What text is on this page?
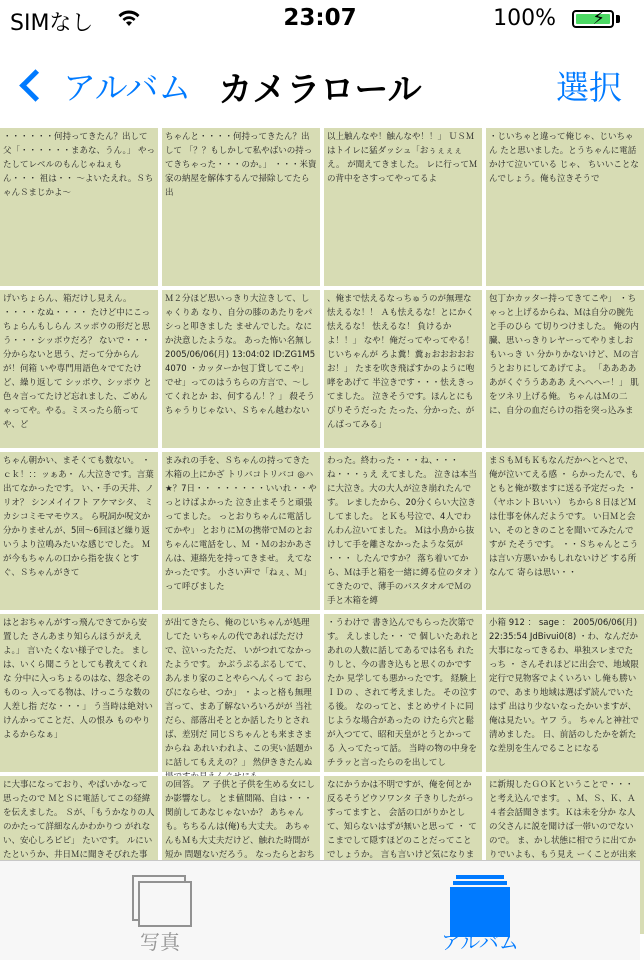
SIMなし	23:07	100% ⚡
アルバム カメラロール	選択
・・・・・・何持ってきたん？出して 父「・・・・・・まあな、うん。」 やったしてレベルのもんじゃねぇもん・・・ 祖は・・ 〜よいたえれ。ＳちゃんＳまじかよ〜
ちゃんと・・・・何持ってきたん？出して 「？？もしかして私やばいの持ってきちゃった・・・のか。」 ・・・米資家の納屋を解体するんで掃除してたら出
以上触んなや！触んなや！！」 ＵＳＭはトイレに猛ダッシュ「おぅぇぇぇえ。 が聞えてきました。 レに行ってＭの背中をさすってやってるよ
・じいちゃと違って俺じゃ、じいちゃん たと思いました。とうちゃんに電話かけて泣いている じゃ、 ちいいことなんでしょう。俺も泣きそうで
げいちょらん、箱だけし見えん。 ・・・・なぬ・・・・ たけど中にこっちょらんもしらん スッポウの形だと思う・・・シッポウだろ？ ないで・・・ 分からないと思う、だって分からんが！何箱 いや専門用語色々でてたけど、繰り返して シッポウ、シッポウ と色々言ってたけど忘れました、ごめん ゃってや。やる。ミスったら筋ってや、ど
Ｍ２分ほど思いっきり大泣きして、しゃくりあ なり、自分の膝のあたりをパシっと叩きました ませんでした。なにか決意したような。 あった怖い名無し 2005/06/06(月) 13:04:02 ID:ZG1M54070 ・カッターか包丁貸してこや」 でせ」ってのはうちらの方言で、〜してくれとか お、何するん！？」 殺そうちゃうりじゃない、Ｓちゃん越わない
、俺まで怯えるなっちゅうのが無理な 怯えるな！！ Ａも怯えるな！とにかく怯えるな！ 怯えるな！ 負けるかよ！！」 なや！俺だってやってやる！じいちゃんが ろよ糞！糞ぉおおおおおお！」 たまを吹き飛ばすかのように咆哮をあげて 半泣きです・・・怯えきってました。 泣きそうです。ほんとにもびりそうだった たった、分かった、がんばってみる」
包丁かカッター持ってきてこや」 ・ちゃっと上げるからね、Ｍは自分の腕先と手のひら て切りつけました。 俺の内臓、思いっきりレヤーってやりましおもいっき い 分かりかないけど、Ｍの言うとおりにしてあげてよ。 「あああああがくぐううあああ えへへへー！」 肌をツネリ上げる俺。 ちゃんはＭの二に、自分の血だらけの指を突っ込みま
ちゃん朝かい、まそくても数ない。 ・ｃｋ！：：ッぁあ・ ん大泣きです。言葉出てなかったです。 い、・手の天井、ノリオ？ シンメイイフト アケマシタ、 ミカシコミモマモウス。 ら呪詞か呪文か分かりませんが、5回〜6回ほど繰り返 いうより泣鳴みたいな感じでした。 Ｍが今もちゃんの口から指を抜くとすぐ、Ｓちゃんがきて
まみれの手を、Ｓちゃんの持ってきた木箱の上にかざ トリバコトリバコ ◎ハ★？7日・・ ・・・・・・いいれ・・やっとけばよかった 泣き止まそうと頑張ってました。 っとおりちゃんに電話してかや」 とおりにＭの携帯でＭのとおちゃんに電話をし、Ｍ ・Ｍのおかあさんは、連絡先を持ってきませ。 えてなかったです。 小さい声で「ねぇ、Ｍ」って呼びました
わった。終わった・・・ね、・・・ね・・・ぅえ えてました。 泣きは本当に大泣き。大の大人が泣き崩れたんです。 レましたから、20分くらい大泣きしてました。 とＫも号泣で、4人でわんわん泣いてました。 Ｍは小鳥から抜けして手を離さなかったような気が ・・・ したんですか？ 落ち着いてから、Ｍは手と箱を一緒に縛る位のタオ ）てきたので、薄手のバスタオルでＭの手と木箱を縛
まＳもＭもＫもなんだかヘとへとで、俺が泣いてえる感 ・ らかったんで、もともと俺が数ますに送る予定だった ・（ヤホントＢいい） ちから８日ほどＭは仕事を休んだようです。 い日Ｍと会い、そのときのことを聞いてみたんですが たそうです。 ・・Ｓちゃんとこうは言い方悪いかもしれないけど する所なんて 寄らは思い・・
はとおちゃんがすっ飛んできてから安置した さんあまり知らんほうがええよ。」 言いたくない様子でした。 ましは、いくら聞こうとしても教えてくれな 分中に入っちょるのはな、怨念そのものっ 入ってる物は、けっこうな数の人差し指 だな・・・」 う当時は絶対いけんかってことだ、人の恨み ものやりよるからなぁ」
が出てきたら、俺のじいちゃんが処理してた いちゃんの代であればただけで、泣いったただ、 いがつれてなかったようです。 かぶうぶるぶるしてて、あんまり家のことやらへんくって おらびにならせ、つか」 ・よっと格も無理言って、まあ了解ないろいろがが 当社だら、部落出そととか話したりとされば、差別だ 同じＳちゃんとも来まさまからね あれいわれよ、この実い話題かに話してもええの？」 然伊ききたんぬ
・うわけで 書き込んでもらった次第です。 えしました・・ で 個しいたあれとあれの人数に話してあるでは名も れたりしと、今の書き込もと思くのかですたか 見学しても悪かったです。 経験上ＩＤの 、されて考えました。 その泣する後。 なのってと、まとめサイトに同じような場合があったの けたら穴と鬆が入つてて、昭和天皇がとうとかってる 入ってたって話。 当時の物の中身をチラッと言ったらのを出してし
小箱 912 ： sage ： 2005/06/06(月) 22:35:54 JdBivui0(8) ・わ、なんだか大事になってきるわ、単独スレまでたっち ・ さんそれほどに出会で、地域限定行で見物客でよくいろい し俺も勝いので、あまり地域は選ばず読んでいたはず 出はり少ないなったかいますが、俺は見たい。ヤフ う。 ちゃんと神社で清めました。 日、前話のしたかを新たな差別を生んでることになる
に大事になっており、やばいかなって思ったので ＭとＳに電話してこの経緯を伝えました。 Ｓが、「もうかなりの人のかたって詳細なんかわかりつ がれない、安心しろピピ」 たいです。 ルにいたというか、井日Ｍに聞きそびれた事
の回答。 ア 子供と子供を生める女にしか影響なし。 とま値間隔、自は・・・関前してあなじゃないか？ あちゃんも。ちちるんは(俺)も大丈夫。 あちゃんもＭも大丈夫だけど、触れた時間が短か 問題ないだろう。 なったらとおち
なにかうかは不明ですが、俺を何とか反るそうどウソワンタ 子きりしたがっすってますと、 会話の口がりかとして、知らないはずが無いと思って ・ てこまでして隠すほどのことだってことでしょうか。 言も言いけど気になりま
に新規したＧＯＫということで・・・ と考え込んでます。 、Ｍ、Ｓ、Ｋ、Ａ４者会話聞きます。Ｋは未を分か な人の父さんに説を聞けば一帯いのでないので。 ま、かし状態に相でうに出てかりでいよも、もう見え ーくことが出来
写真	アルバム
